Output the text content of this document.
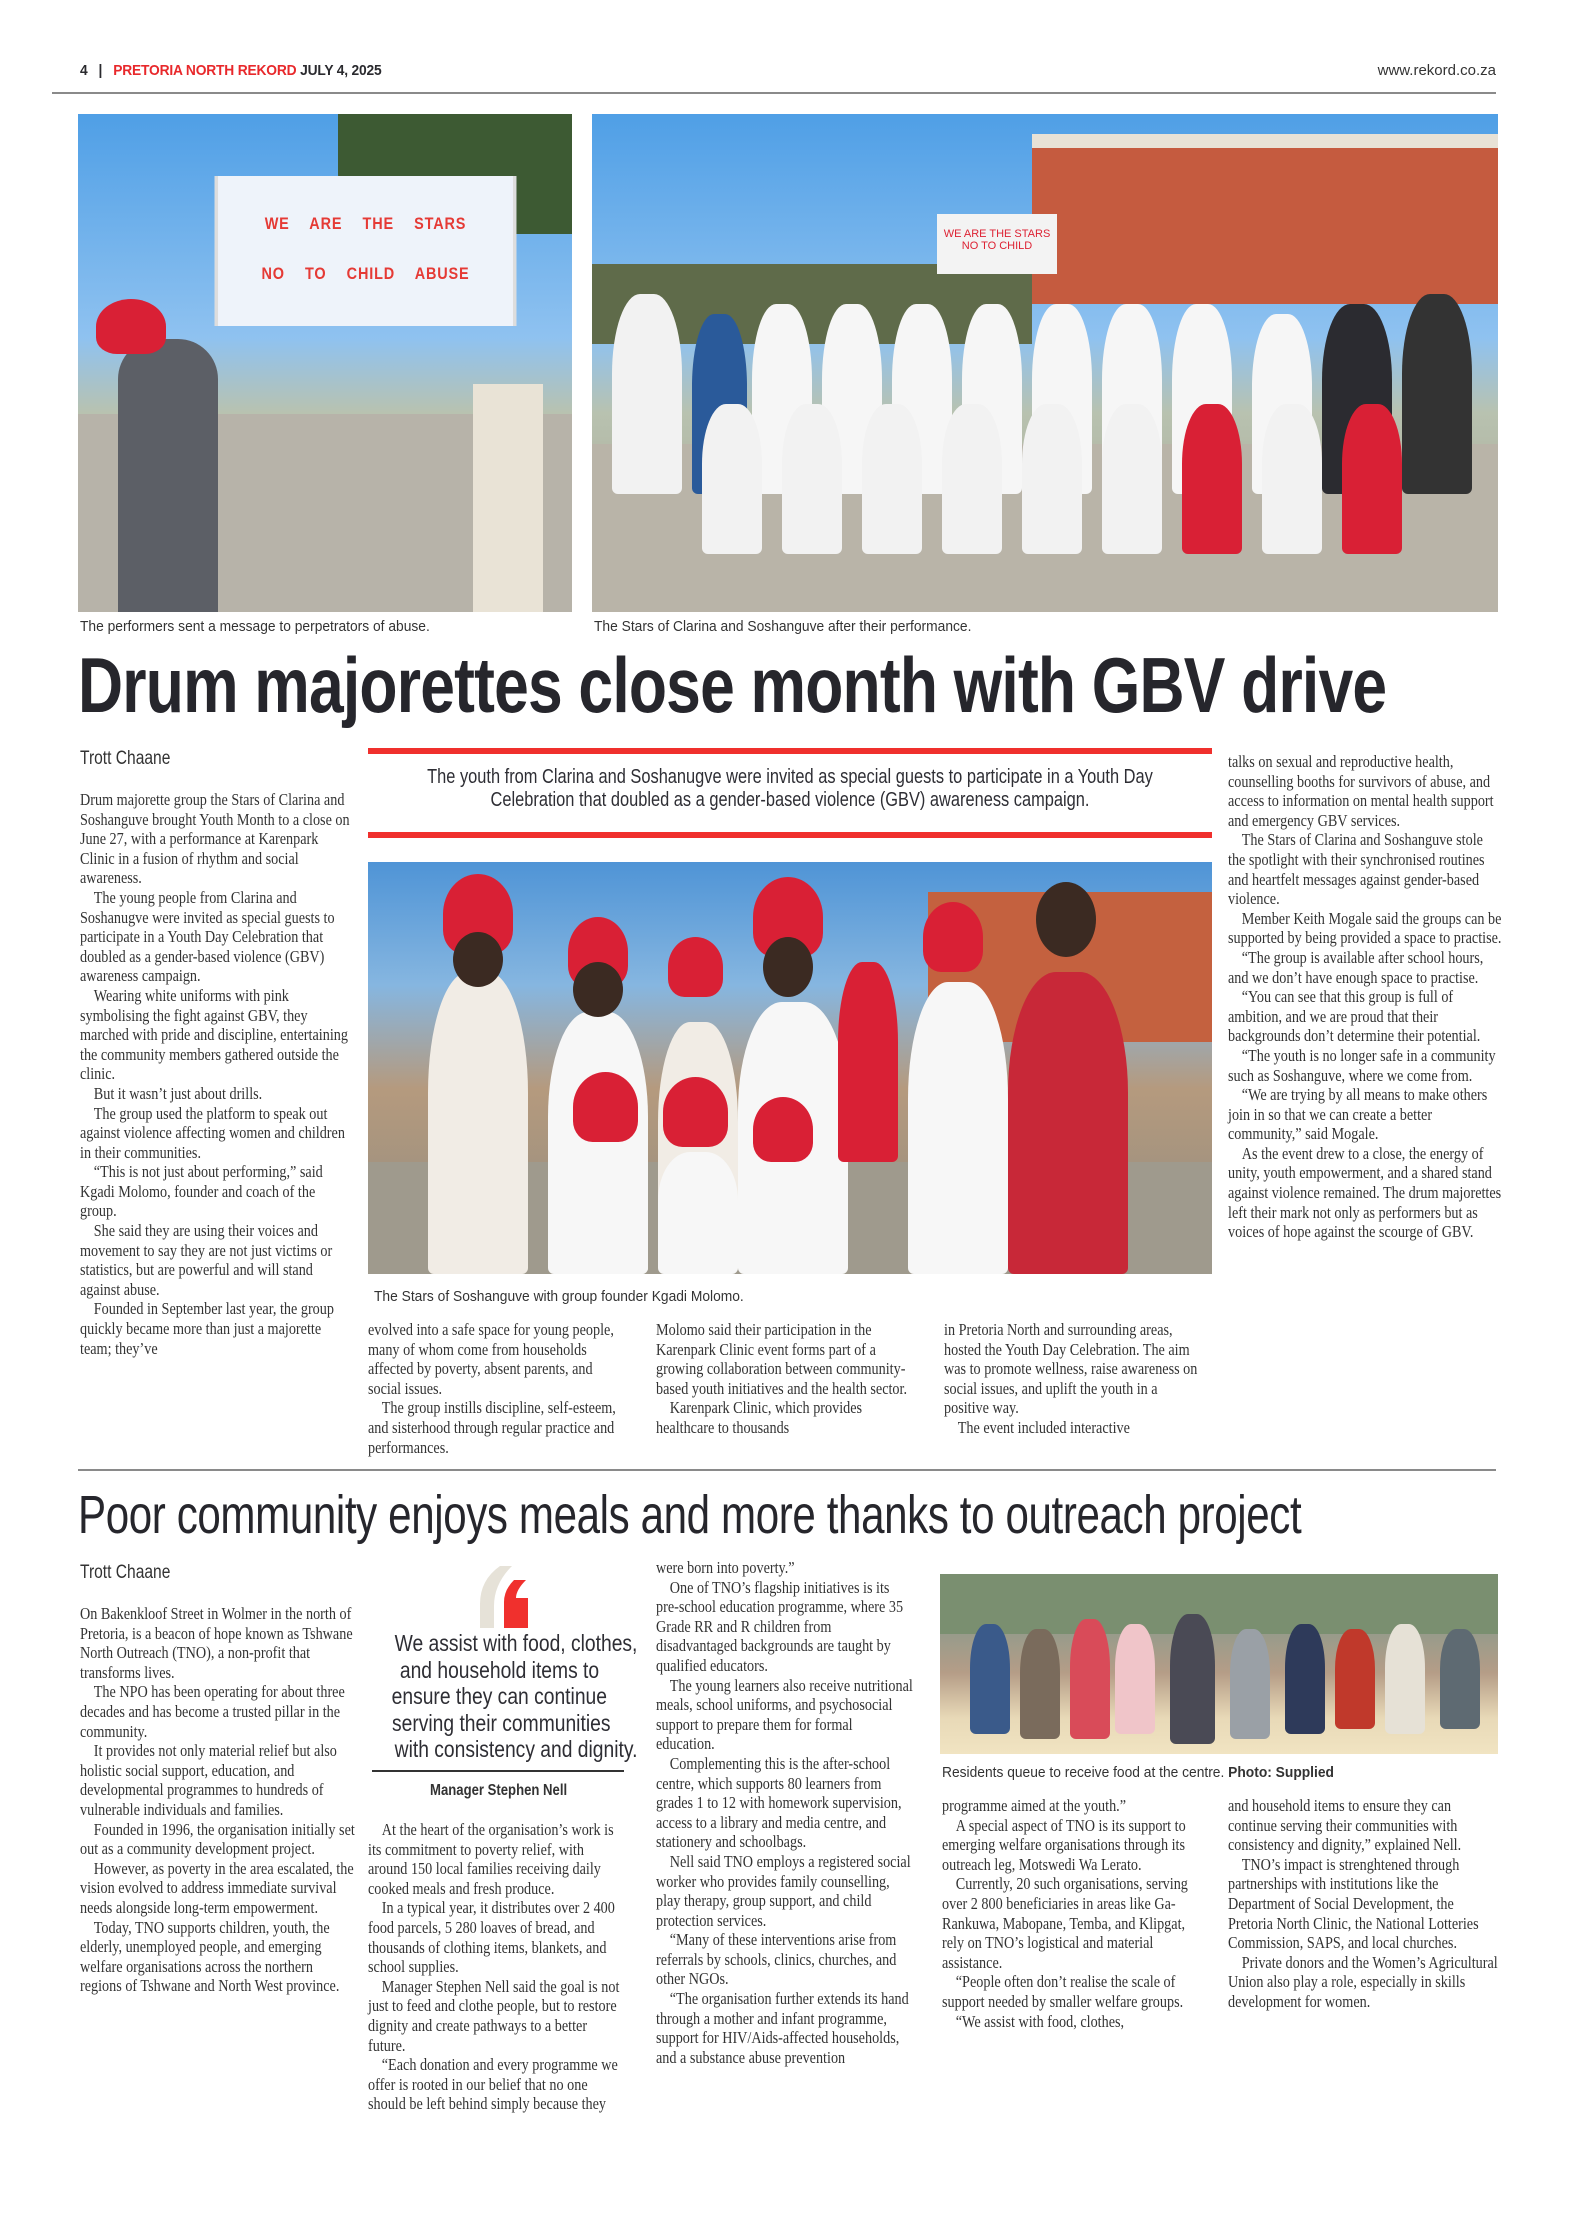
4 | PRETORIA NORTH REKORD JULY 4, 2025	www.rekord.co.za
WE ARE THE STARS
NO TO CHILD ABUSE
WE ARE THE STARS NO TO CHILD
The performers sent a message to perpetrators of abuse.	The Stars of Clarina and Soshanguve after their performance.
Drum majorettes close month with GBV drive
Trott Chaane

Drum majorette group the Stars of Clarina and Soshanguve brought Youth Month to a close on June 27, with a performance at Karenpark Clinic in a fusion of rhythm and social awareness.

The young people from Clarina and Soshanugve were invited as special guests to participate in a Youth Day Celebration that doubled as a gender-based violence (GBV) awareness campaign.

Wearing white uniforms with pink symbolising the fight against GBV, they marched with pride and discipline, entertaining the community members gathered outside the clinic.

But it wasn’t just about drills.

The group used the platform to speak out against violence affecting women and children in their communities.

“This is not just about performing,” said Kgadi Molomo, founder and coach of the group.

She said they are using their voices and movement to say they are not just victims or statistics, but are powerful and will stand against abuse.

Founded in September last year, the group quickly became more than just a majorette team; they’ve

The youth from Clarina and Soshanugve were invited as special guests to participate in a Youth Day Celebration that doubled as a gender-based violence (GBV) awareness campaign.
The Stars of Soshanguve with group founder Kgadi Molomo.

evolved into a safe space for young people, many of whom come from households affected by poverty, absent parents, and social issues.

The group instills discipline, self-esteem, and sisterhood through regular practice and performances.

Molomo said their participation in the Karenpark Clinic event forms part of a growing collaboration between community-based youth initiatives and the health sector.

Karenpark Clinic, which provides healthcare to thousands

in Pretoria North and surrounding areas, hosted the Youth Day Celebration. The aim was to promote wellness, raise awareness on social issues, and uplift the youth in a positive way.

The event included interactive

talks on sexual and reproductive health, counselling booths for survivors of abuse, and access to information on mental health support and emergency GBV services.

The Stars of Clarina and Soshanguve stole the spotlight with their synchronised routines and heartfelt messages against gender-based violence.

Member Keith Mogale said the groups can be supported by being provided a space to practise.

“The group is available after school hours, and we don’t have enough space to practise.

“You can see that this group is full of ambition, and we are proud that their backgrounds don’t determine their potential.

“The youth is no longer safe in a community such as Soshanguve, where we come from.

“We are trying by all means to make others join in so that we can create a better community,” said Mogale.

As the event drew to a close, the energy of unity, youth empowerment, and a shared stand against violence remained. The drum majorettes left their mark not only as performers but as voices of hope against the scourge of GBV.

Poor community enjoys meals and more thanks to outreach project
Trott Chaane

On Bakenkloof Street in Wolmer in the north of Pretoria, is a beacon of hope known as Tshwane North Outreach (TNO), a non-profit that transforms lives.

The NPO has been operating for about three decades and has become a trusted pillar in the community.

It provides not only material relief but also holistic social support, education, and developmental programmes to hundreds of vulnerable individuals and families.

Founded in 1996, the organisation initially set out as a community development project.

However, as poverty in the area escalated, the vision evolved to address immediate survival needs alongside long-term empowerment.

Today, TNO supports children, youth, the elderly, unemployed people, and emerging welfare organisations across the northern regions of Tshwane and North West province.

We assist with food, clothes,
and household items to
ensure they can continue
serving their communities
with consistency and dignity.
Manager Stephen Nell

At the heart of the organisation’s work is its commitment to poverty relief, with around 150 local families receiving daily cooked meals and fresh produce.

In a typical year, it distributes over 2 400 food parcels, 5 280 loaves of bread, and thousands of clothing items, blankets, and school supplies.

Manager Stephen Nell said the goal is not just to feed and clothe people, but to restore dignity and create pathways to a better future.

“Each donation and every programme we offer is rooted in our belief that no one should be left behind simply because they

were born into poverty.”

One of TNO’s flagship initiatives is its pre-school education programme, where 35 Grade RR and R children from disadvantaged backgrounds are taught by qualified educators.

The young learners also receive nutritional meals, school uniforms, and psychosocial support to prepare them for formal education.

Complementing this is the after-school centre, which supports 80 learners from grades 1 to 12 with homework supervision, access to a library and media centre, and stationery and schoolbags.

Nell said TNO employs a registered social worker who provides family counselling, play therapy, group support, and child protection services.

“Many of these interventions arise from referrals by schools, clinics, churches, and other NGOs.

“The organisation further extends its hand through a mother and infant programme, support for HIV/Aids-affected households, and a substance abuse prevention

Residents queue to receive food at the centre. Photo: Supplied

programme aimed at the youth.”

A special aspect of TNO is its support to emerging welfare organisations through its outreach leg, Motswedi Wa Lerato.

Currently, 20 such organisations, serving over 2 800 beneficiaries in areas like Ga-Rankuwa, Mabopane, Temba, and Klipgat, rely on TNO’s logistical and material assistance.

“People often don’t realise the scale of support needed by smaller welfare groups.

“We assist with food, clothes,

and household items to ensure they can continue serving their communities with consistency and dignity,” explained Nell.

TNO’s impact is strenghtened through partnerships with institutions like the Department of Social Development, the Pretoria North Clinic, the National Lotteries Commission, SAPS, and local churches.

Private donors and the Women’s Agricultural Union also play a role, especially in skills development for women.
